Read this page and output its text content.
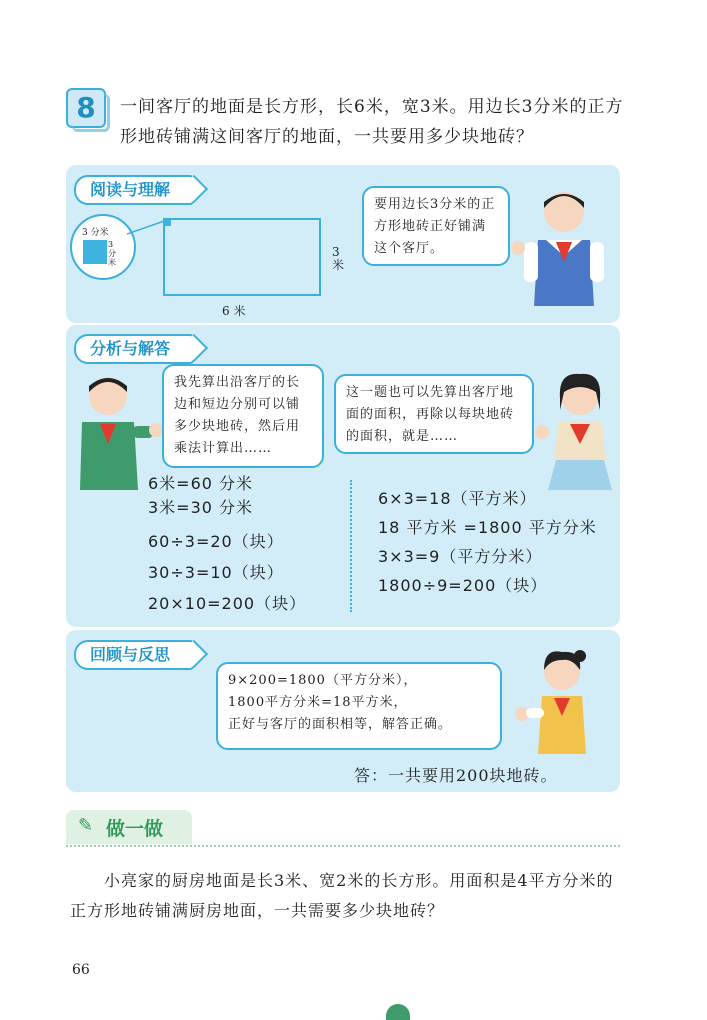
8	一间客厅的地面是长方形，长6米，宽3米。用边长3分米的正方形地砖铺满这间客厅的地面，一共要用多少块地砖？
阅读与理解
3 分米
3分米
6 米
3米
要用边长3分米的正方形地砖正好铺满这个客厅。
分析与解答
我先算出沿客厅的长边和短边分别可以铺多少块地砖，然后用乘法计算出……
这一题也可以先算出客厅地面的面积，再除以每块地砖的面积，就是……
6米=60 分米
3米=30 分米
60÷3=20（块）
30÷3=10（块）
20×10=200（块）
6×3=18（平方米）
18 平方米 =1800 平方分米
3×3=9（平方分米）
1800÷9=200（块）
回顾与反思
9×200=1800（平方分米），
1800平方分米=18平方米，
正好与客厅的面积相等，解答正确。
答：一共要用200块地砖。
✎ 做一做
小亮家的厨房地面是长3米、宽2米的长方形。用面积是4平方分米的正方形地砖铺满厨房地面，一共需要多少块地砖？
66
